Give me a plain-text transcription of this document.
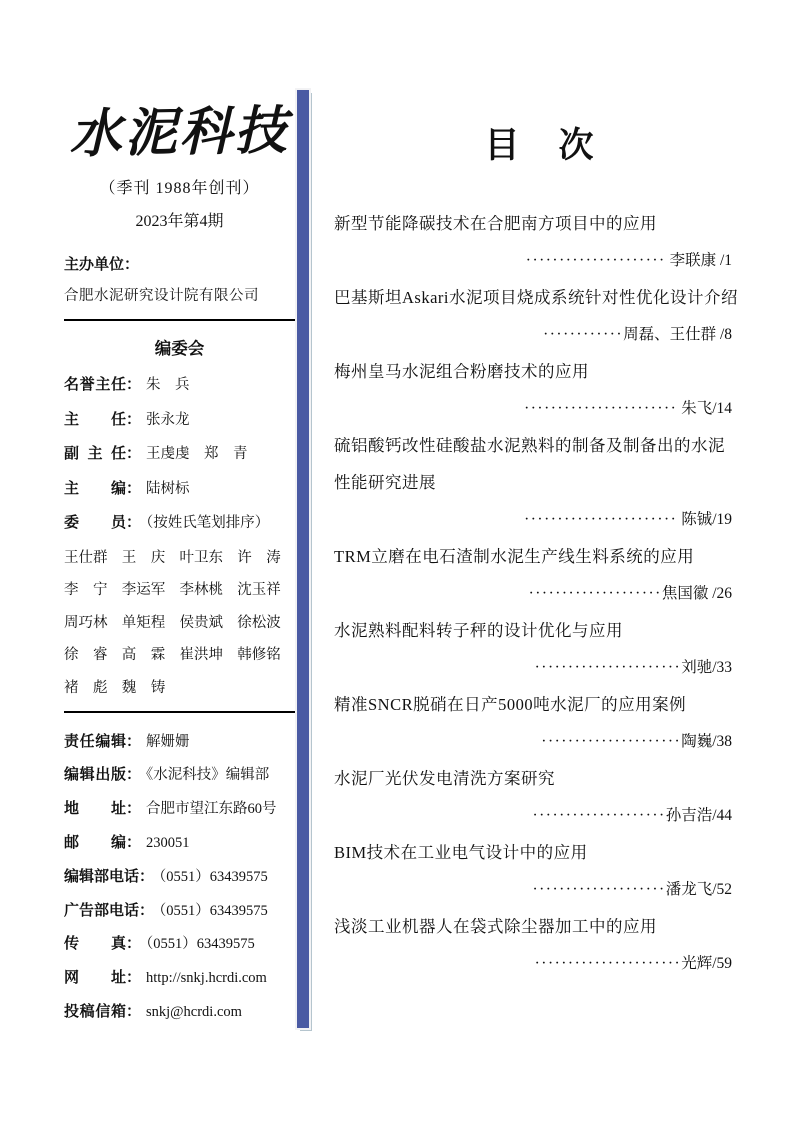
水泥科技
（季刊 1988年创刊）
2023年第4期
主办单位：
合肥水泥研究设计院有限公司
编委会
名誉主任： 朱　兵
主任： 张永龙
副主任： 王虔虔　郑　青
主编： 陆树标
委员： （按姓氏笔划排序）
王仕群 王　庆 叶卫东 许　涛
李　宁 李运军 李林桃 沈玉祥
周巧林 单矩程 侯贵斌 徐松波
徐　睿 高　霖 崔洪坤 韩修铭
褚　彪 魏　铸
责任编辑： 解姗姗
编辑出版： 《水泥科技》编辑部
地址： 合肥市望江东路60号
邮编： 230051
编辑部电话： （0551）63439575
广告部电话： （0551）63439575
传真： （0551）63439575
网址： http://snkj.hcrdi.com
投稿信箱： snkj@hcrdi.com
目　次
新型节能降碳技术在合肥南方项目中的应用
····················· 李联康 /1
巴基斯坦Askari水泥项目烧成系统针对性优化设计介绍
············周磊、王仕群 /8
梅州皇马水泥组合粉磨技术的应用
······················· 朱飞/14
硫铝酸钙改性硅酸盐水泥熟料的制备及制备出的水泥
性能研究进展
······················· 陈铖/19
TRM立磨在电石渣制水泥生产线生料系统的应用
····················焦国徽 /26
水泥熟料配料转子秤的设计优化与应用
······················刘驰/33
精准SNCR脱硝在日产5000吨水泥厂的应用案例
·····················陶巍/38
水泥厂光伏发电清洗方案研究
····················孙吉浩/44
BIM技术在工业电气设计中的应用
····················潘龙飞/52
浅淡工业机器人在袋式除尘器加工中的应用
······················光辉/59
